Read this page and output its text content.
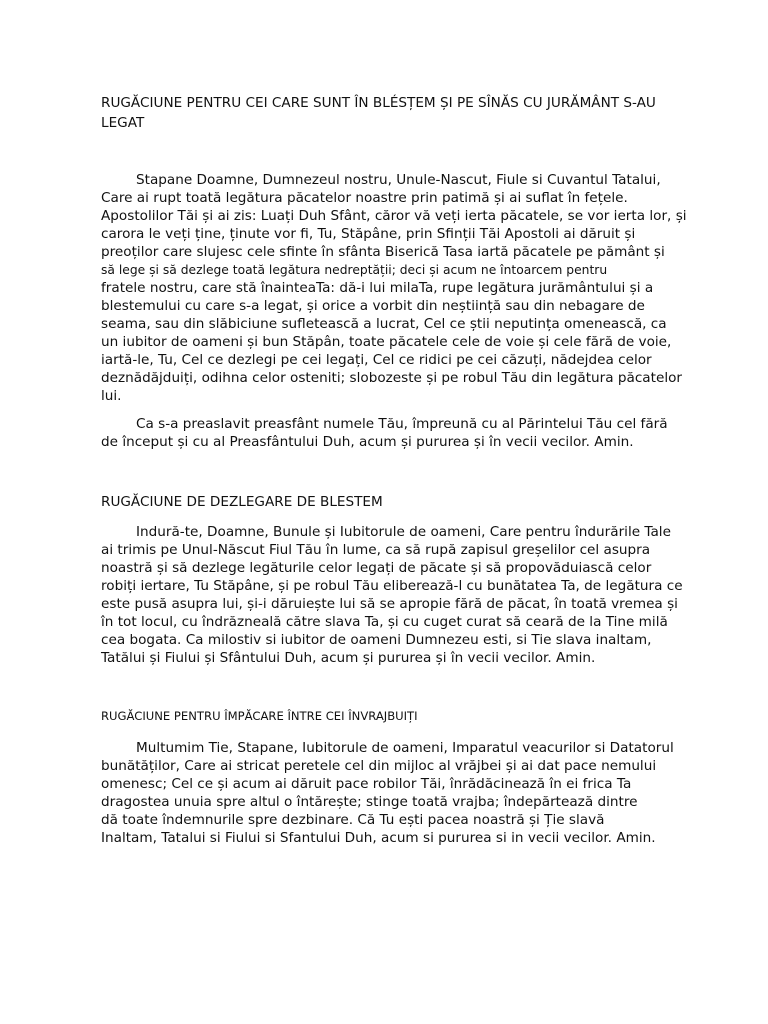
RUGĂCIUNE PENTRU CEI CARE SUNT ÎN BLÉSȚEM ȘI PE SÎNĂS CU JURĂMÂNT S-AU
LEGAT
Stapane Doamne, Dumnezeul nostru, Unule-Nascut, Fiule si Cuvantul Tatalui,
Care ai rupt toată legătura păcatelor noastre prin patimă și ai suflat în fețele.
Apostolilor Tăi și ai zis: Luați Duh Sfânt, căror vă veți ierta păcatele, se vor ierta lor, și
carora le veți ține, ținute vor fi, Tu, Stăpâne, prin Sfinții Tăi Apostoli ai dăruit și
preoților care slujesc cele sfinte în sfânta Biserică Tasa iartă păcatele pe pământ și
să lege și să dezlege toată legătura nedreptății; deci și acum ne întoarcem pentru
fratele nostru, care stă înainteaTa: dă-i lui milaTa, rupe legătura jurământului și a
blestemului cu care s-a legat, și orice a vorbit din neștiință sau din nebagare de
seama, sau din slăbiciune sufletească a lucrat, Cel ce știi neputința omenească, ca
un iubitor de oameni și bun Stăpân, toate păcatele cele de voie și cele fără de voie,
iartă-le, Tu, Cel ce dezlegi pe cei legați, Cel ce ridici pe cei căzuți, nădejdea celor
deznădăjduiți, odihna celor osteniti; slobozeste și pe robul Tău din legătura păcatelor
lui.
Ca s-a preaslavit preasfânt numele Tău, împreună cu al Părintelui Tău cel fără
de început și cu al Preasfântului Duh, acum și pururea și în vecii vecilor. Amin.
RUGĂCIUNE DE DEZLEGARE DE BLESTEM
Indură-te, Doamne, Bunule și Iubitorule de oameni, Care pentru îndurările Tale
ai trimis pe Unul-Născut Fiul Tău în lume, ca să rupă zapisul greșelilor cel asupra
noastră și să dezlege legăturile celor legați de păcate și să propovăduiască celor
robiți iertare, Tu Stăpâne, și pe robul Tău eliberează-l cu bunătatea Ta, de legătura ce
este pusă asupra lui, și-i dăruiește lui să se apropie fără de păcat, în toată vremea și
în tot locul, cu îndrăzneală către slava Ta, și cu cuget curat să ceară de la Tine milă
cea bogata. Ca milostiv si iubitor de oameni Dumnezeu esti, si Tie slava inaltam,
Tatălui și Fiului și Sfântului Duh, acum și pururea și în vecii vecilor. Amin.
RUGĂCIUNE PENTRU ÎMPĂCARE ÎNTRE CEI ÎNVRAJBUIȚI
Multumim Tie, Stapane, Iubitorule de oameni, Imparatul veacurilor si Datatorul
bunătăților, Care ai stricat peretele cel din mijloc al vrăjbei și ai dat pace nemului
omenesc; Cel ce și acum ai dăruit pace robilor Tăi, înrădăcinează în ei frica Ta
dragostea unuia spre altul o întărește; stinge toată vrajba; îndepărtează dintre
dă toate îndemnurile spre dezbinare. Că Tu ești pacea noastră și Ție slavă
Inaltam, Tatalui si Fiului si Sfantului Duh, acum si pururea si in vecii vecilor. Amin.
